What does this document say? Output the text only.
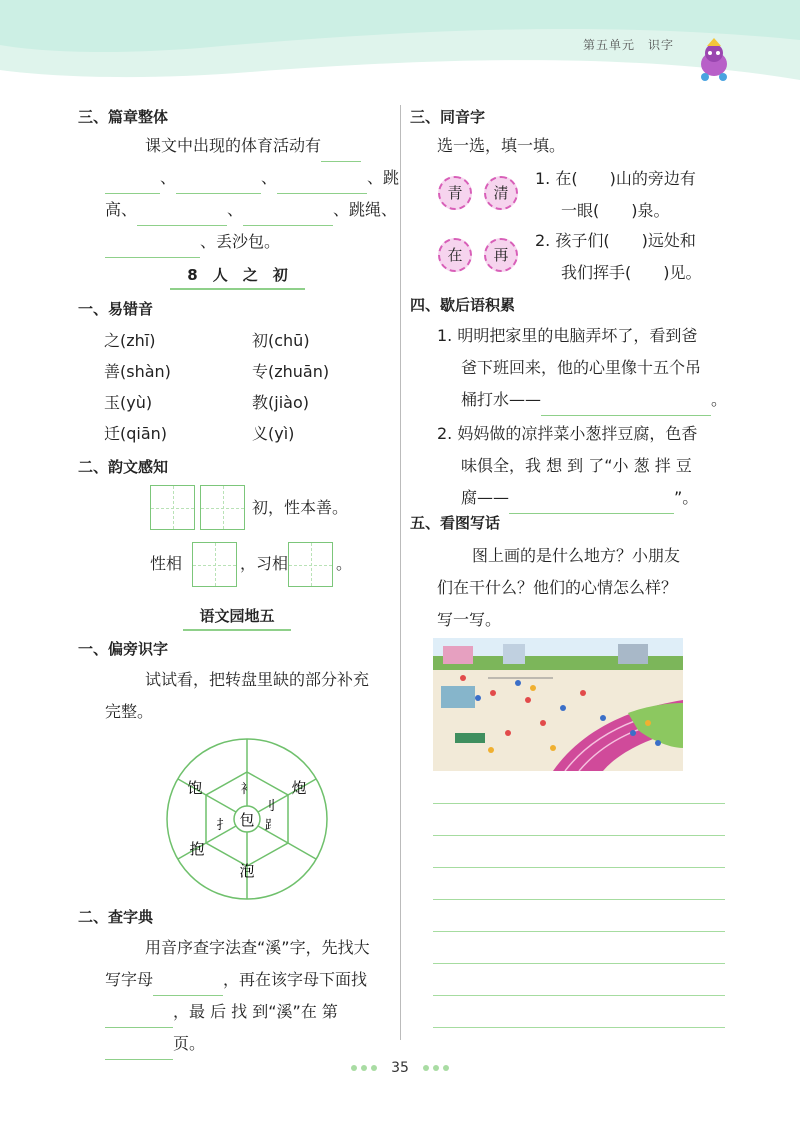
第五单元　识字
三、篇章整体
课文中出现的体育活动有
、	、	、跳
高、	、	、跳绳、
、丢沙包。
8　人　之　初
一、易错音
之(zhī)	初(chū)
善(shàn)	专(zhuān)
玉(yù)	教(jiào)
迁(qiān)	义(yì)
二、韵文感知
初，性本善。
性相	，习相	。
语文园地五
一、偏旁识字
试试看，把转盘里缺的部分补充
完整。
包
饱	炮
抱
泡
衤
⻊
扌
刂
二、查字典
用音序查字法查“溪”字，先找大
写字母	，再在该字母下面找
，最 后 找 到“溪”在 第
页。
三、同音字
选一选，填一填。
青	清
1. 在(　　)山的旁边有
一眼(　　)泉。
在	再
2. 孩子们(　　)远处和
我们挥手(　　)见。
四、歇后语积累
1. 明明把家里的电脑弄坏了，看到爸
爸下班回来，他的心里像十五个吊
桶打水——	。
2. 妈妈做的凉拌菜小葱拌豆腐，色香
味俱全，我 想 到 了“小 葱 拌 豆
腐——	”。
五、看图写话
图上画的是什么地方？小朋友
们在干什么？他们的心情怎么样？
写一写。
35
